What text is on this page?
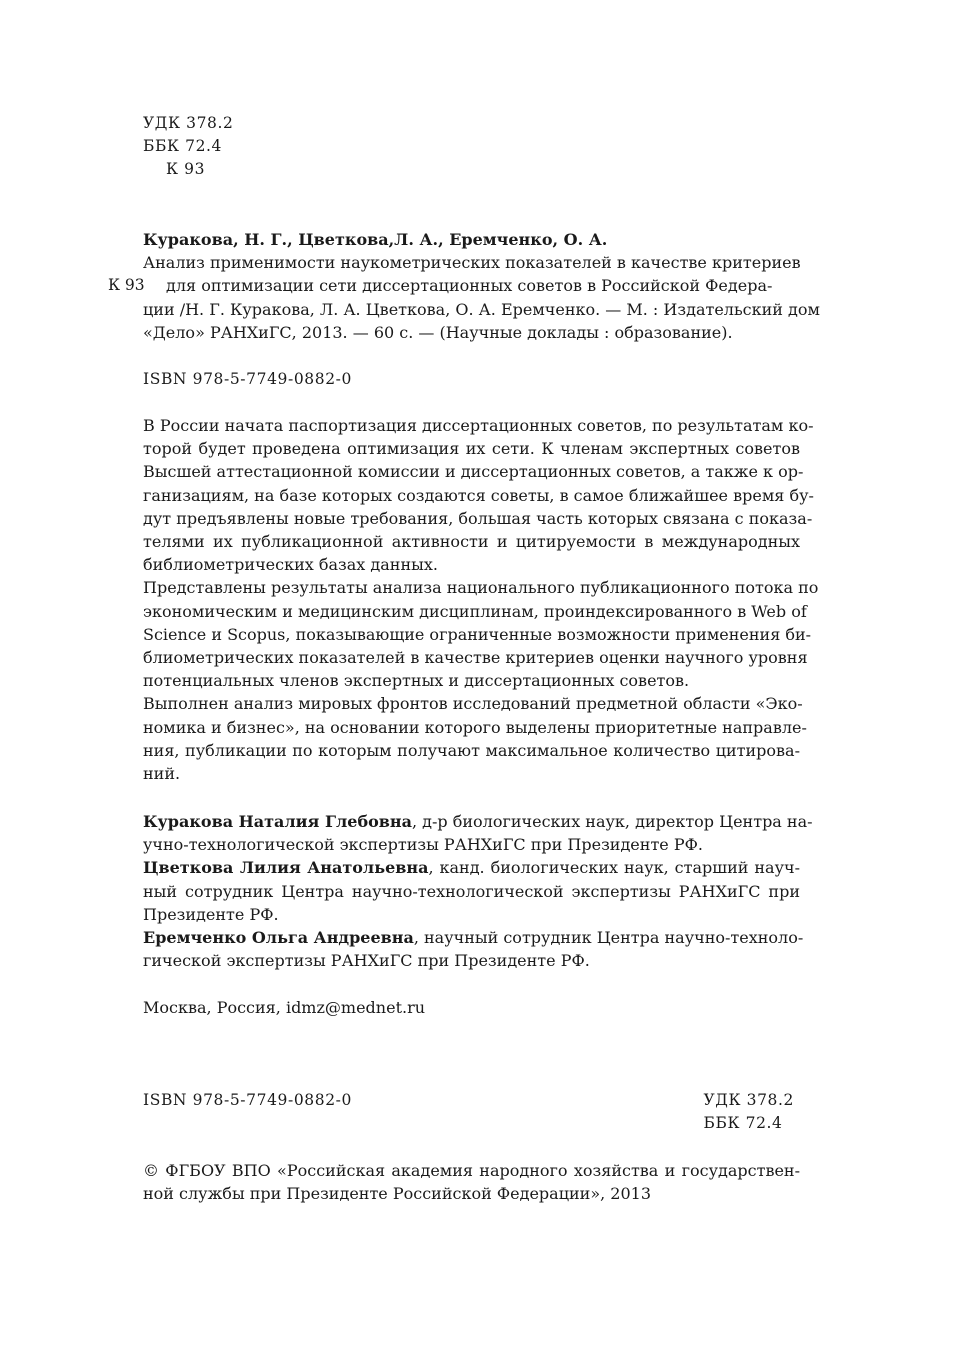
УДК 378.2
ББК 72.4
К 93
Куракова, Н. Г., Цветкова,Л. А., Еремченко, О. А.
Анализ применимости наукометрических показателей в качестве критериев
для оптимизации сети диссертационных советов в Российской Федера-
ции /Н. Г. Куракова, Л. А. Цветкова, О. А. Еремченко. — М. : Издательский дом
«Дело» РАНХиГС, 2013. — 60 с. — (Научные доклады : образование).
К 93
ISBN 978-5-7749-0882-0
В России начата паспортизация диссертационных советов, по результатам ко-
торой будет проведена оптимизация их сети. К членам экспертных советов
Высшей аттестационной комиссии и диссертационных советов, а также к ор-
ганизациям, на базе которых создаются советы, в самое ближайшее время бу-
дут предъявлены новые требования, большая часть которых связана с показа-
телями их публикационной активности и цитируемости в международных
библиометрических базах данных.
Представлены результаты анализа национального публикационного потока по
экономическим и медицинским дисциплинам, проиндексированного в Web of
Science и Scopus, показывающие ограниченные возможности применения би-
блиометрических показателей в качестве критериев оценки научного уровня
потенциальных членов экспертных и диссертационных советов.
Выполнен анализ мировых фронтов исследований предметной области «Эко-
номика и бизнес», на основании которого выделены приоритетные направле-
ния, публикации по которым получают максимальное количество цитирова-
ний.
Куракова Наталия Глебовна, д-р биологических наук, директор Центра на-
учно-технологической экспертизы РАНХиГС при Президенте РФ.
Цветкова Лилия Анатольевна, канд. биологических наук, старший науч-
ный сотрудник Центра научно-технологической экспертизы РАНХиГС при
Президенте РФ.
Еремченко Ольга Андреевна, научный сотрудник Центра научно-техноло-
гической экспертизы РАНХиГС при Президенте РФ.
Москва, Россия, idmz@mednet.ru
ISBN 978-5-7749-0882-0	УДК 378.2
ББК 72.4
© ФГБОУ ВПО «Российская академия народного хозяйства и государствен-
ной службы при Президенте Российской Федерации», 2013
